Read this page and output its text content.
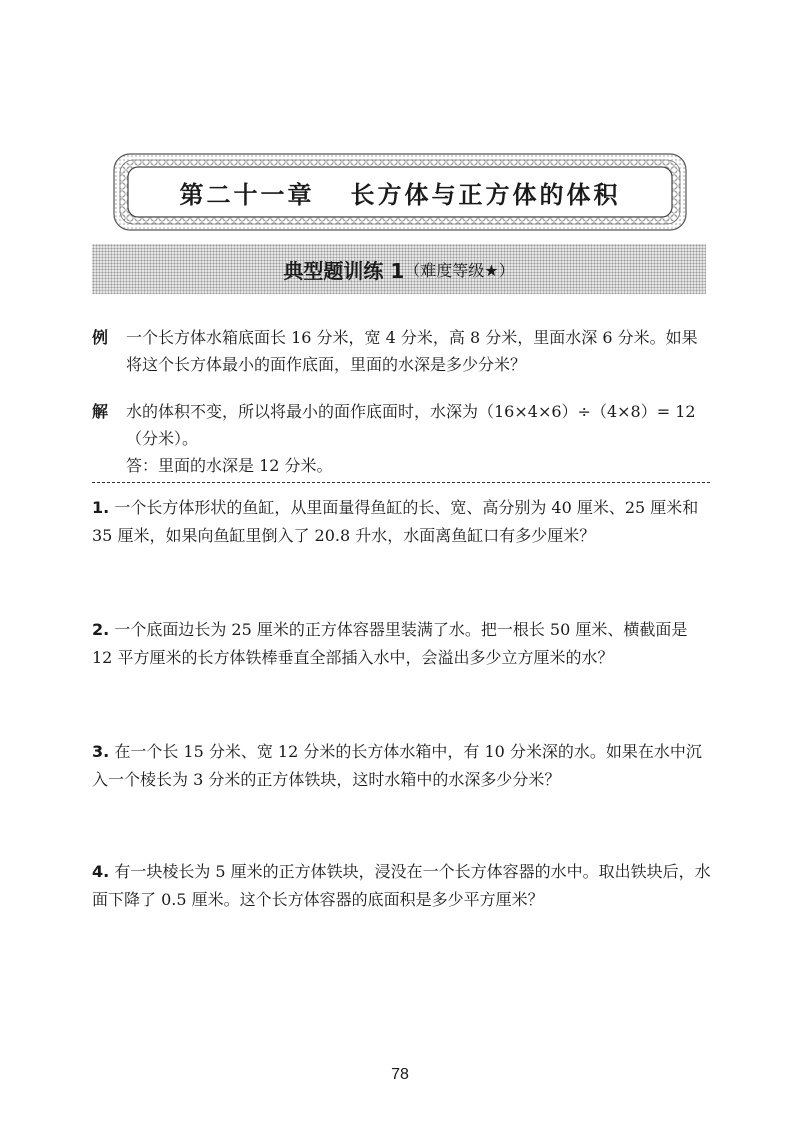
第二十一章 长方体与正方体的体积
典型题训练 1 （难度等级★）
例 一个长方体水箱底面长 16 分米，宽 4 分米，高 8 分米，里面水深 6 分米。如果将这个长方体最小的面作底面，里面的水深是多少分米？
解 水的体积不变，所以将最小的面作底面时，水深为（16×4×6）÷（4×8）= 12（分米）。
答：里面的水深是 12 分米。
1. 一个长方体形状的鱼缸，从里面量得鱼缸的长、宽、高分别为 40 厘米、25 厘米和 35 厘米，如果向鱼缸里倒入了 20.8 升水，水面离鱼缸口有多少厘米？
2. 一个底面边长为 25 厘米的正方体容器里装满了水。把一根长 50 厘米、横截面是 12 平方厘米的长方体铁棒垂直全部插入水中，会溢出多少立方厘米的水？
3. 在一个长 15 分米、宽 12 分米的长方体水箱中，有 10 分米深的水。如果在水中沉入一个棱长为 3 分米的正方体铁块，这时水箱中的水深多少分米？
4. 有一块棱长为 5 厘米的正方体铁块，浸没在一个长方体容器的水中。取出铁块后，水面下降了 0.5 厘米。这个长方体容器的底面积是多少平方厘米？
78
